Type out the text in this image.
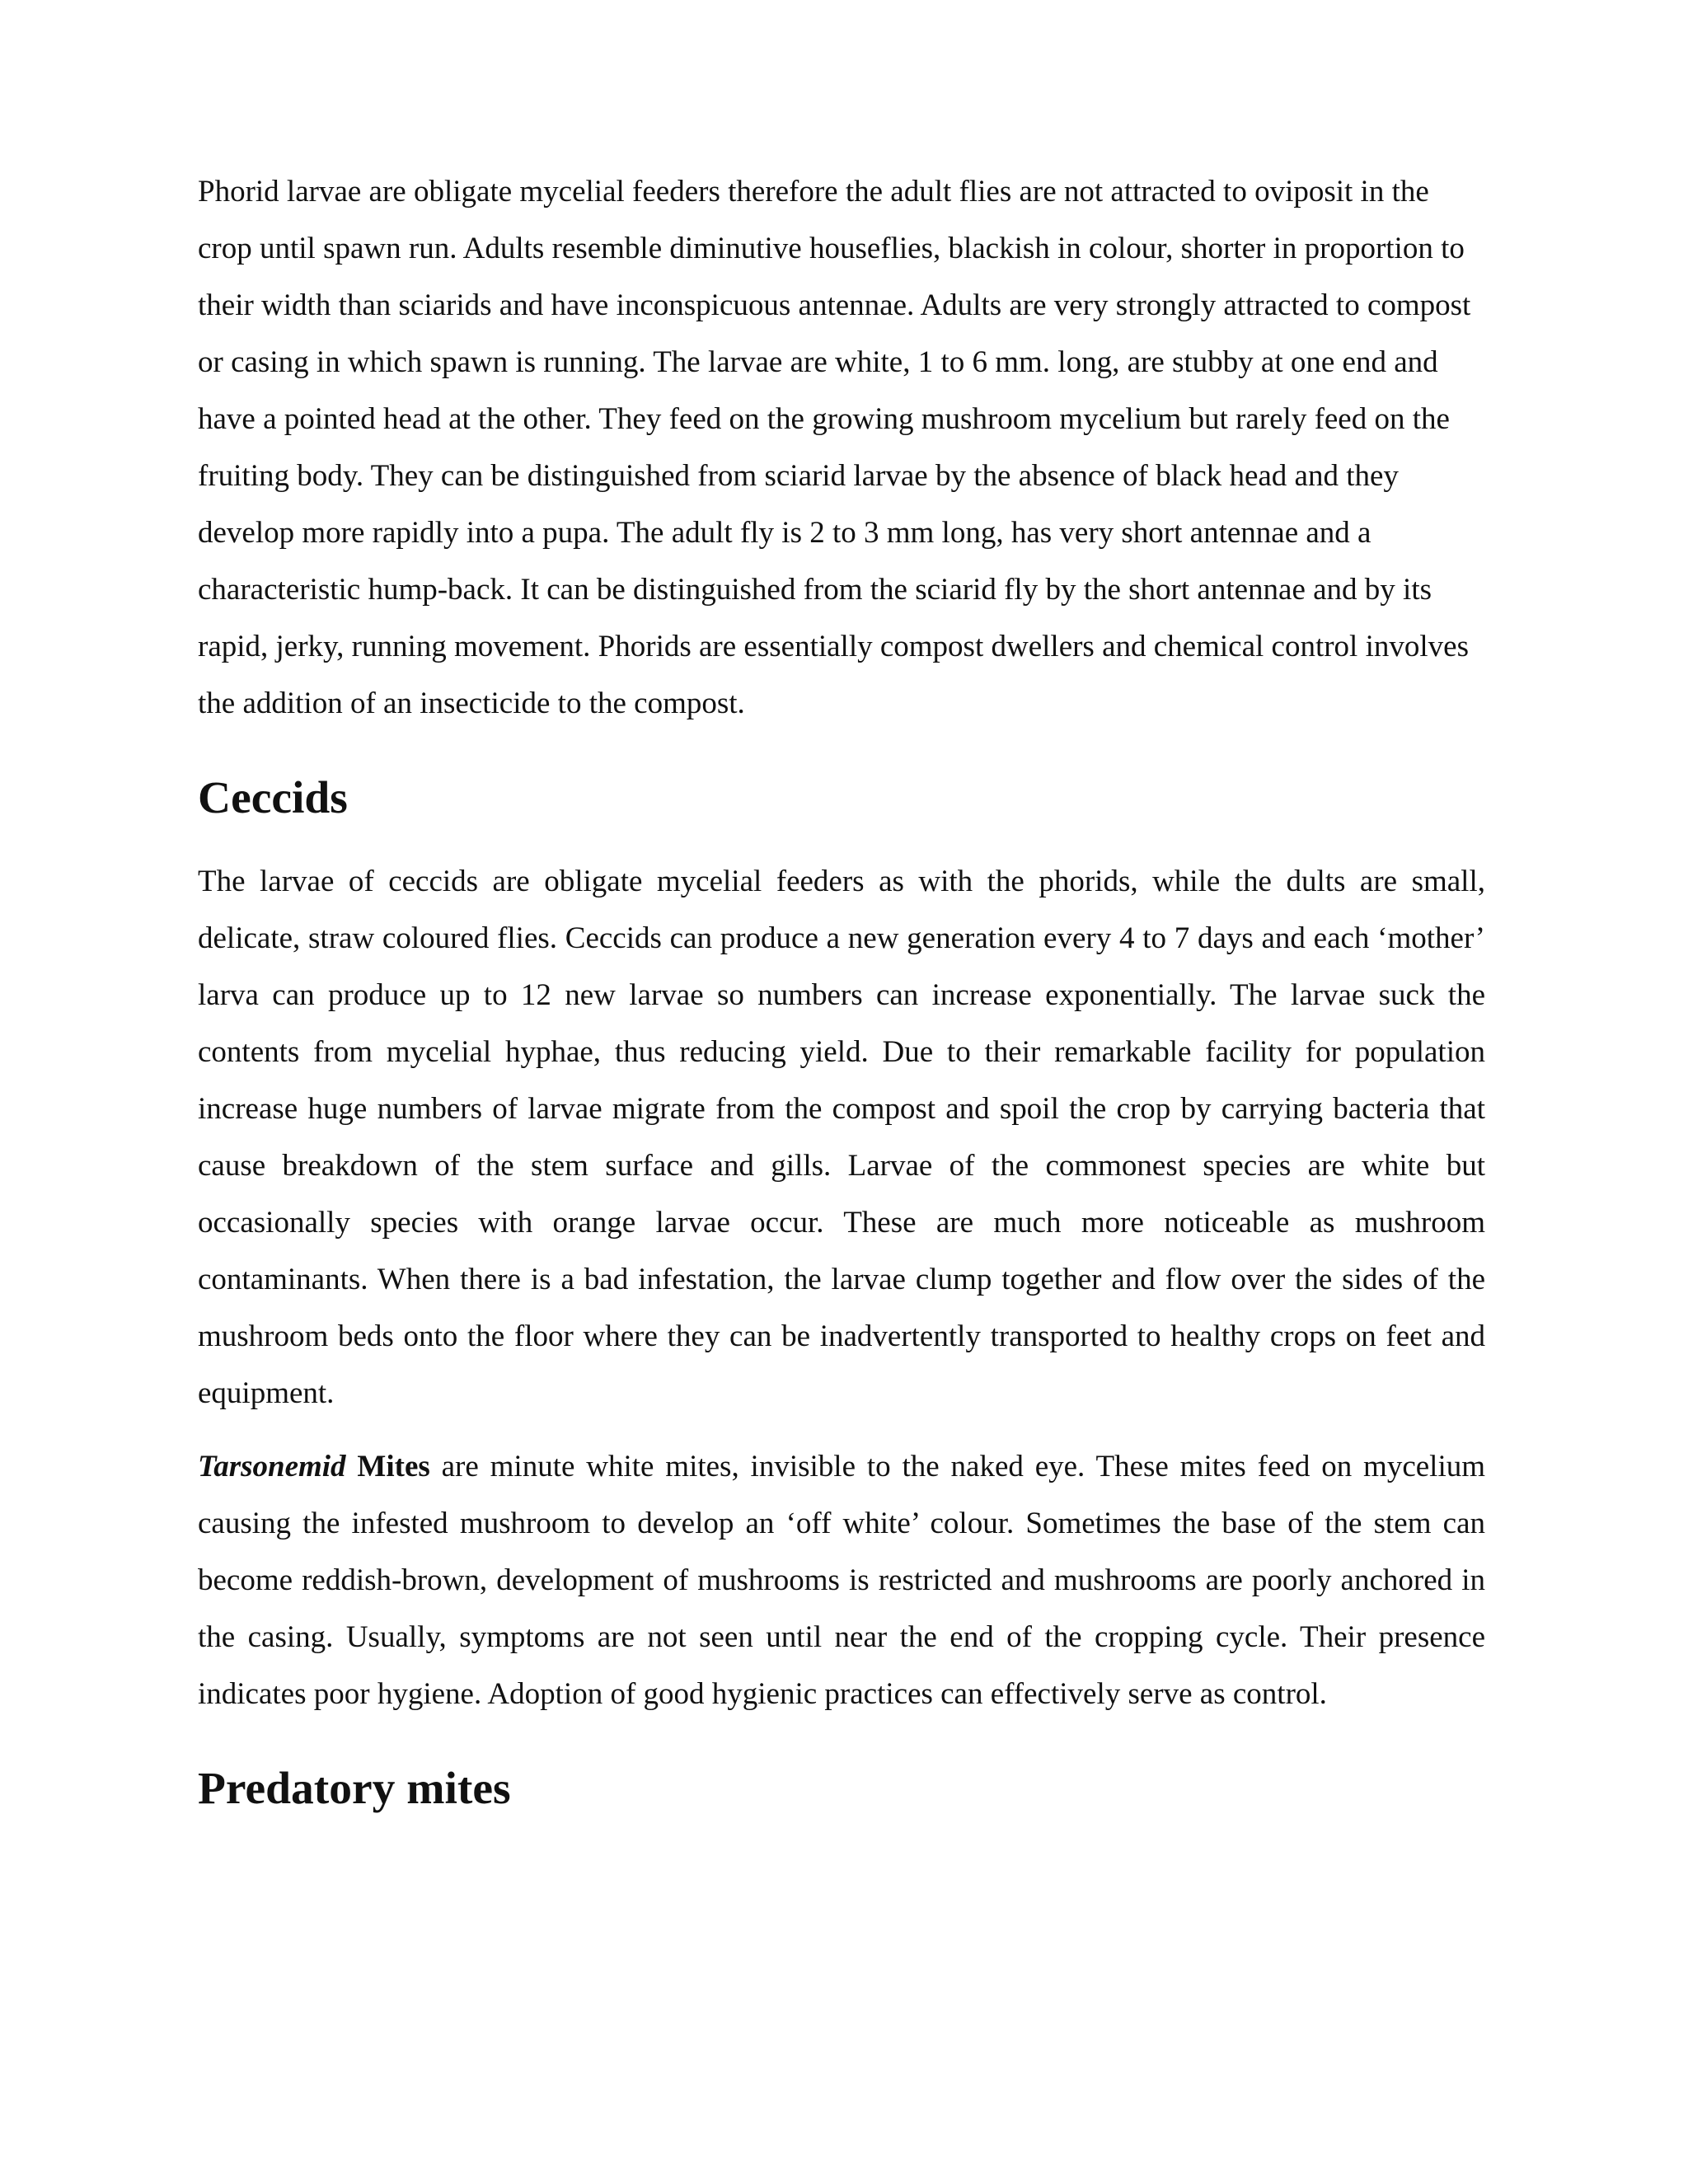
Phorid larvae are obligate mycelial feeders therefore the adult flies are not attracted to oviposit in the crop until spawn run. Adults resemble diminutive houseflies, blackish in colour, shorter in proportion to their width than sciarids and have inconspicuous antennae. Adults are very strongly attracted to compost or casing in which spawn is running. The larvae are white, 1 to 6 mm. long, are stubby at one end and have a pointed head at the other. They feed on the growing mushroom mycelium but rarely feed on the fruiting body. They can be distinguished from sciarid larvae by the absence of black head and they develop more rapidly into a pupa. The adult fly is 2 to 3 mm long, has very short antennae and a characteristic hump-back. It can be distinguished from the sciarid fly by the short antennae and by its rapid, jerky, running movement. Phorids are essentially compost dwellers and chemical control involves the addition of an insecticide to the compost.

Ceccids

The larvae of ceccids are obligate mycelial feeders as with the phorids, while the dults are small, delicate, straw coloured flies. Ceccids can produce a new generation every 4 to 7 days and each ‘mother’ larva can produce up to 12 new larvae so numbers can increase exponentially. The larvae suck the contents from mycelial hyphae, thus reducing yield. Due to their remarkable facility for population increase huge numbers of larvae migrate from the compost and spoil the crop by carrying bacteria that cause breakdown of the stem surface and gills. Larvae of the commonest species are white but occasionally species with orange larvae occur. These are much more noticeable as mushroom contaminants. When there is a bad infestation, the larvae clump together and flow over the sides of the mushroom beds onto the floor where they can be inadvertently transported to healthy crops on feet and equipment.

Tarsonemid Mites are minute white mites, invisible to the naked eye. These mites feed on mycelium causing the infested mushroom to develop an ‘off white’ colour. Sometimes the base of the stem can become reddish-brown, development of mushrooms is restricted and mushrooms are poorly anchored in the casing. Usually, symptoms are not seen until near the end of the cropping cycle. Their presence indicates poor hygiene. Adoption of good hygienic practices can effectively serve as control.

Predatory mites
